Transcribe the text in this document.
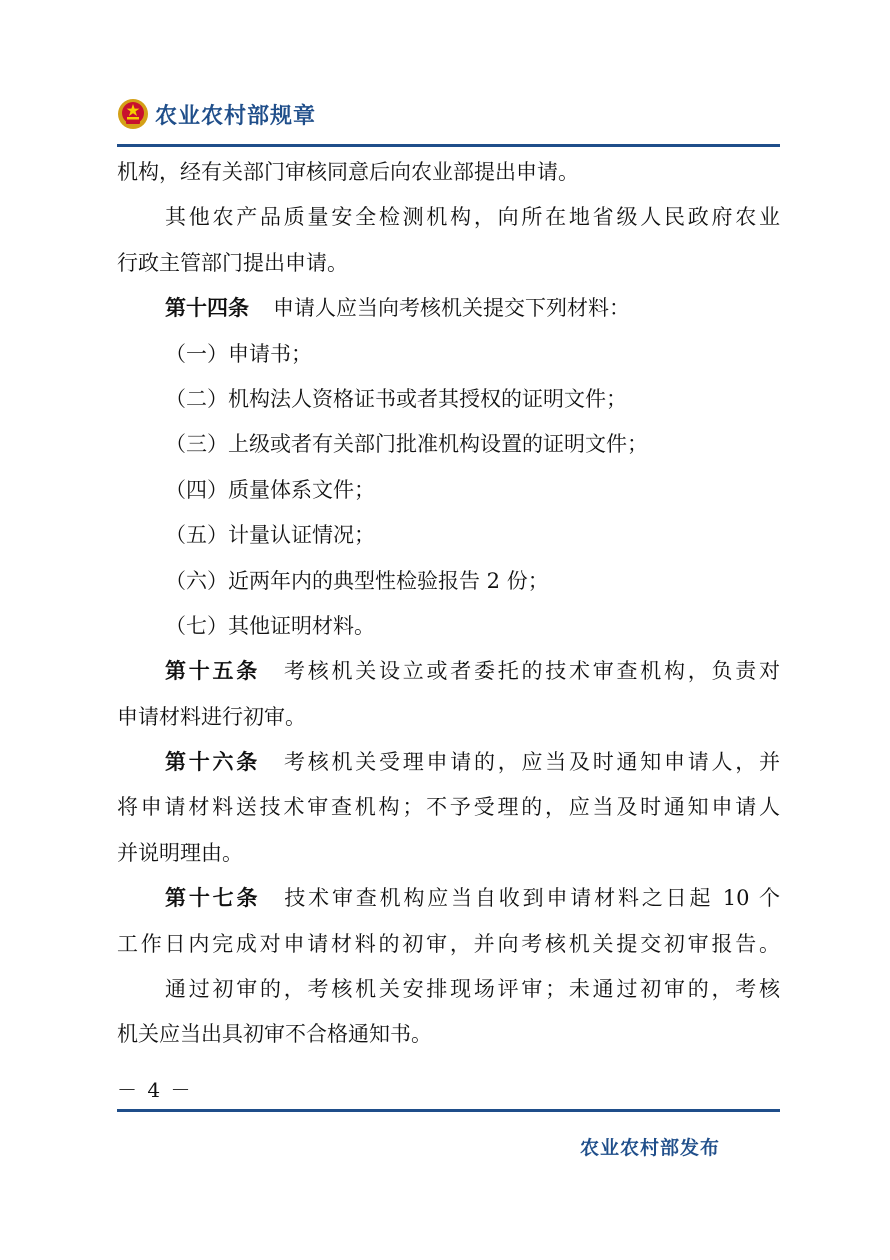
农业农村部规章
机构，经有关部门审核同意后向农业部提出申请。
其他农产品质量安全检测机构，向所在地省级人民政府农业
行政主管部门提出申请。
第十四条 申请人应当向考核机关提交下列材料：
（一）申请书；
（二）机构法人资格证书或者其授权的证明文件；
（三）上级或者有关部门批准机构设置的证明文件；
（四）质量体系文件；
（五）计量认证情况；
（六）近两年内的典型性检验报告 2 份；
（七）其他证明材料。
第十五条 考核机关设立或者委托的技术审查机构，负责对
申请材料进行初审。
第十六条 考核机关受理申请的，应当及时通知申请人，并
将申请材料送技术审查机构；不予受理的，应当及时通知申请人
并说明理由。
第十七条 技术审查机构应当自收到申请材料之日起 10 个
工作日内完成对申请材料的初审，并向考核机关提交初审报告。
通过初审的，考核机关安排现场评审；未通过初审的，考核
机关应当出具初审不合格通知书。
－ 4 －
农业农村部发布
